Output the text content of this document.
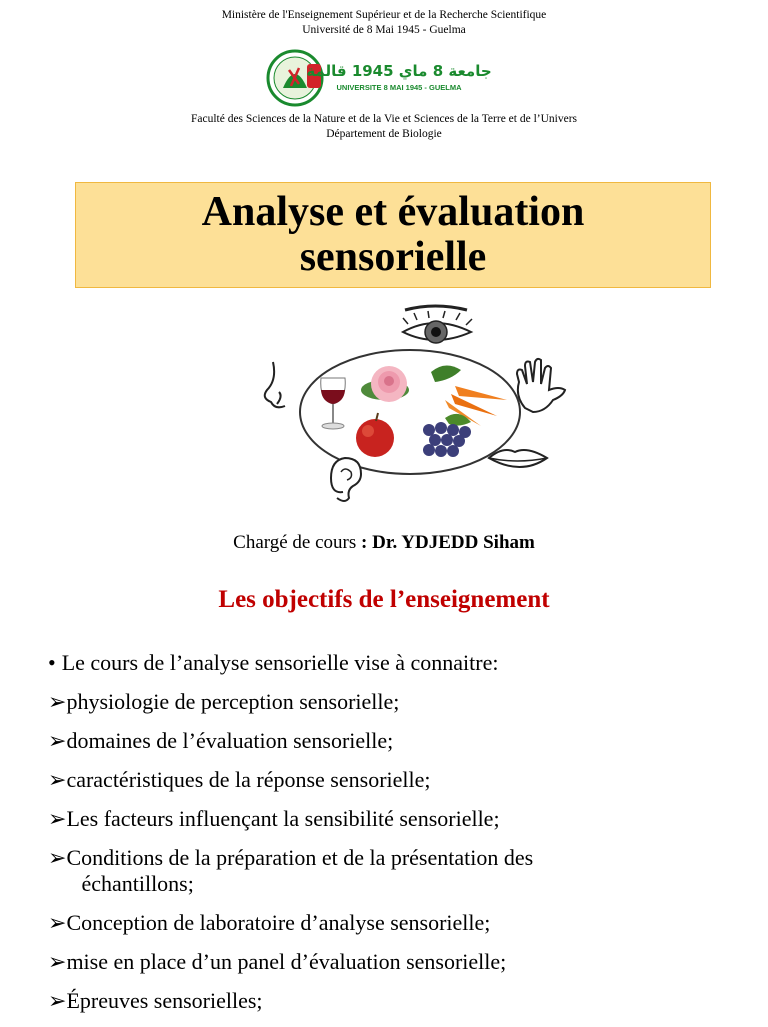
Ministère de l'Enseignement Supérieur et de la Recherche Scientifique
Université de 8 Mai 1945 - Guelma
جامعة 8 ماي 1945 قالمة
UNIVERSITE 8 MAI 1945 - GUELMA
Faculté des Sciences de la Nature et de la Vie et Sciences de la Terre et de l’Univers
Département de Biologie
Analyse et évaluation
sensorielle
Chargé de cours : Dr. YDJEDD Siham
Les objectifs de l’enseignement
• Le cours de l’analyse sensorielle vise à connaitre:
➢ physiologie de perception sensorielle;
➢ domaines de l’évaluation sensorielle;
➢ caractéristiques de la réponse sensorielle;
➢ Les facteurs influençant la sensibilité sensorielle;
➢ Conditions de la préparation et de la présentation des
échantillons;
➢ Conception de laboratoire d’analyse sensorielle;
➢ mise en place d’un panel d’évaluation sensorielle;
➢ Épreuves sensorielles;
